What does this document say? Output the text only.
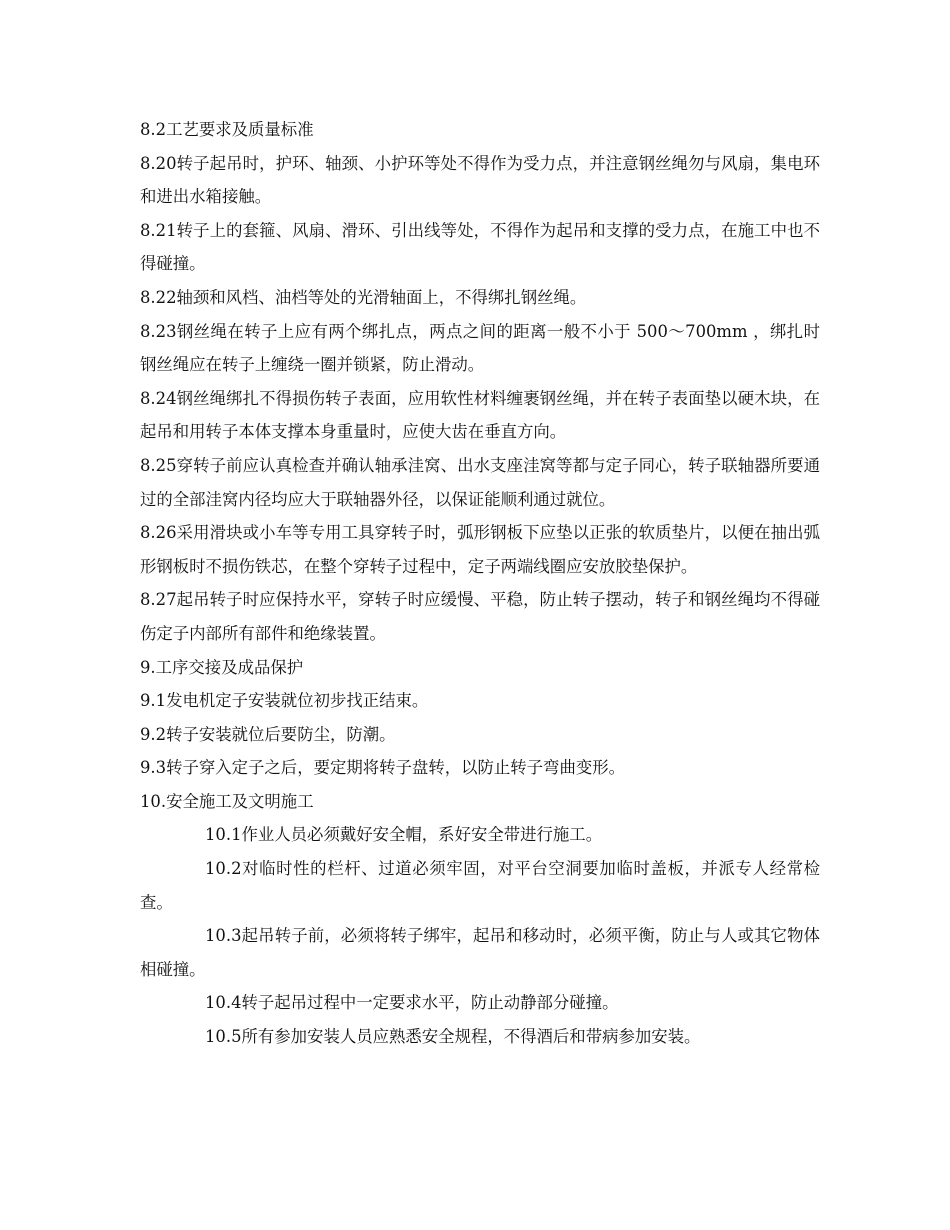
8.2工艺要求及质量标准

8.20转子起吊时，护环、轴颈、小护环等处不得作为受力点，并注意钢丝绳勿与风扇，集电环和进出水箱接触。

8.21转子上的套箍、风扇、滑环、引出线等处，不得作为起吊和支撑的受力点，在施工中也不得碰撞。

8.22轴颈和风档、油档等处的光滑轴面上，不得绑扎钢丝绳。

8.23钢丝绳在转子上应有两个绑扎点，两点之间的距离一般不小于 500～700mm ，绑扎时钢丝绳应在转子上缠绕一圈并锁紧，防止滑动。

8.24钢丝绳绑扎不得损伤转子表面，应用软性材料缠裹钢丝绳，并在转子表面垫以硬木块，在起吊和用转子本体支撑本身重量时，应使大齿在垂直方向。

8.25穿转子前应认真检查并确认轴承洼窝、出水支座洼窝等都与定子同心，转子联轴器所要通过的全部洼窝内径均应大于联轴器外径，以保证能顺利通过就位。

8.26采用滑块或小车等专用工具穿转子时，弧形钢板下应垫以正张的软质垫片，以便在抽出弧形钢板时不损伤铁芯，在整个穿转子过程中，定子两端线圈应安放胶垫保护。

8.27起吊转子时应保持水平，穿转子时应缓慢、平稳，防止转子摆动，转子和钢丝绳均不得碰伤定子内部所有部件和绝缘装置。

9.工序交接及成品保护

9.1发电机定子安装就位初步找正结束。

9.2转子安装就位后要防尘，防潮。

9.3转子穿入定子之后，要定期将转子盘转，以防止转子弯曲变形。

10.安全施工及文明施工

10.1作业人员必须戴好安全帽，系好安全带进行施工。

10.2对临时性的栏杆、过道必须牢固，对平台空洞要加临时盖板，并派专人经常检查。

10.3起吊转子前，必须将转子绑牢，起吊和移动时，必须平衡，防止与人或其它物体相碰撞。

10.4转子起吊过程中一定要求水平，防止动静部分碰撞。

10.5所有参加安装人员应熟悉安全规程，不得酒后和带病参加安装。
